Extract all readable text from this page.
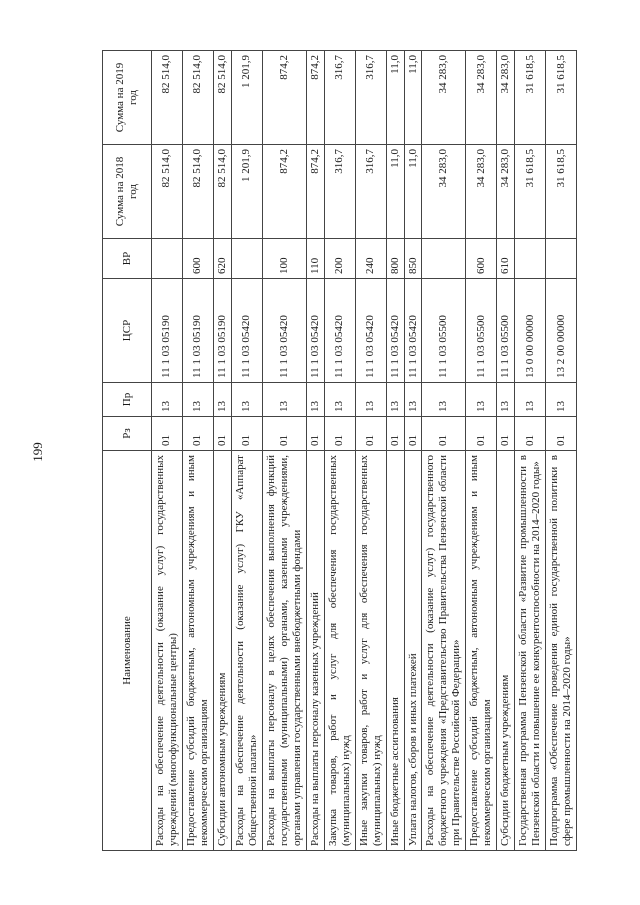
199
Наименование	Рз	Пр	ЦСР	ВР	Сумма на 2018 год	Сумма на 2019 год
Расходы на обеспечение деятельности (оказание услуг) государственных учреждений (многофункциональные центры)	01	13	11 1 03 05190		82 514,0	82 514,0
Предоставление субсидий бюджетным, автономным учреждениям и иным некоммерческим организациям	01	13	11 1 03 05190	600	82 514,0	82 514,0
Субсидии автономным учреждениям	01	13	11 1 03 05190	620	82 514,0	82 514,0
Расходы на обеспечение деятельности (оказание услуг) ГКУ «Аппарат Общественной палаты»	01	13	11 1 03 05420		1 201,9	1 201,9
Расходы на выплаты персоналу в целях обеспечения выполнения функций государственными (муниципальными) органами, казенными учреждениями, органами управления государственными внебюджетными фондами	01	13	11 1 03 05420	100	874,2	874,2
Расходы на выплаты персоналу казенных учреждений	01	13	11 1 03 05420	110	874,2	874,2
Закупка товаров, работ и услуг для обеспечения государственных (муниципальных) нужд	01	13	11 1 03 05420	200	316,7	316,7
Иные закупки товаров, работ и услуг для обеспечения государственных (муниципальных) нужд	01	13	11 1 03 05420	240	316,7	316,7
Иные бюджетные ассигнования	01	13	11 1 03 05420	800	11,0	11,0
Уплата налогов, сборов и иных платежей	01	13	11 1 03 05420	850	11,0	11,0
Расходы на обеспечение деятельности (оказание услуг) государственного бюджетного учреждения «Представительство Правительства Пензенской области при Правительстве Российской Федерации»	01	13	11 1 03 05500		34 283,0	34 283,0
Предоставление субсидий бюджетным, автономным учреждениям и иным некоммерческим организациям	01	13	11 1 03 05500	600	34 283,0	34 283,0
Субсидии бюджетным учреждениям	01	13	11 1 03 05500	610	34 283,0	34 283,0
Государственная программа Пензенской области «Развитие промышленности в Пензенской области и повышение ее конкурентоспособности на 2014–2020 годы»	01	13	13 0 00 00000		31 618,5	31 618,5
Подпрограмма «Обеспечение проведения единой государственной политики в сфере промышленности на 2014–2020 годы»	01	13	13 2 00 00000		31 618,5	31 618,5
